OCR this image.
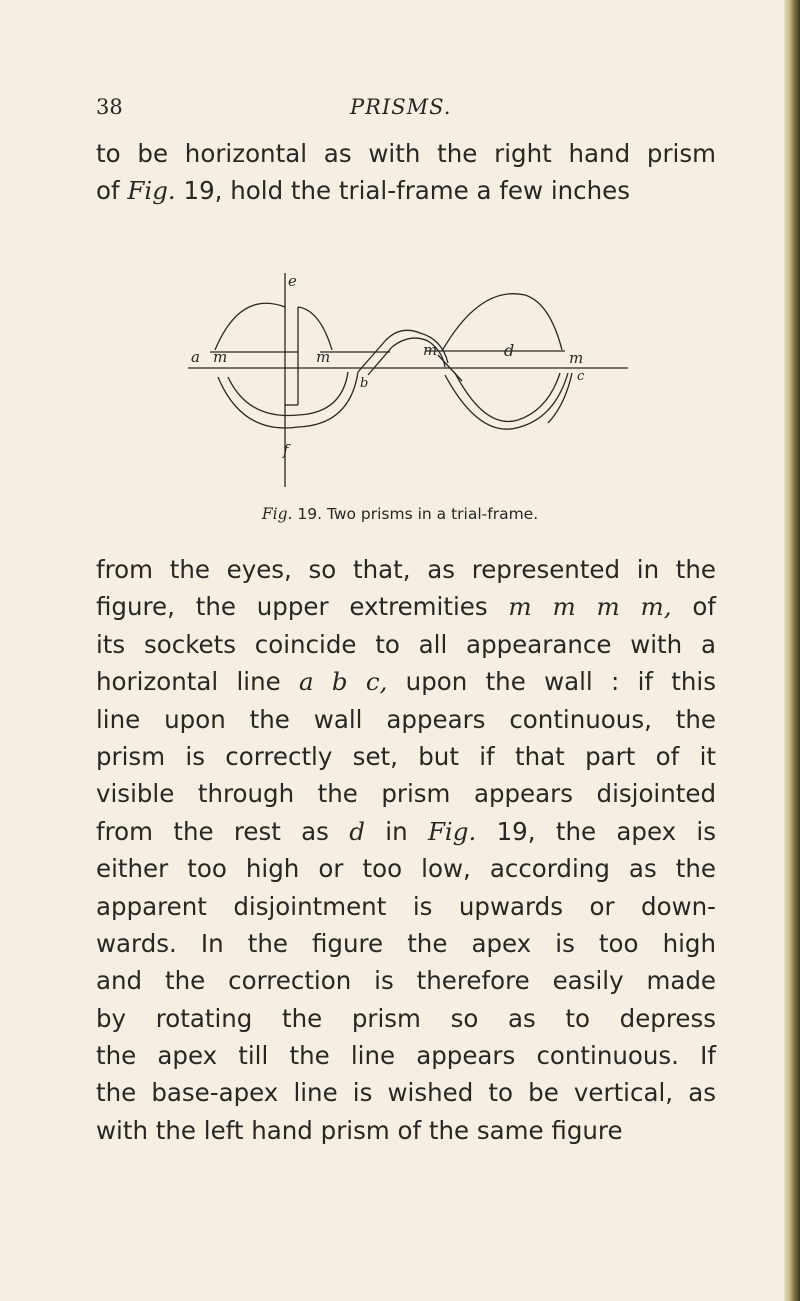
38	PRISMS.
to be horizontal as with the right hand prism
of Fig. 19, hold the trial-frame a few inches
a m
e
f
m
b
m	d	m
c
Fig. 19. Two prisms in a trial-frame.
from the eyes, so that, as represented in the
figure, the upper extremities m m m m, of
its sockets coincide to all appearance with a
horizontal line a b c, upon the wall : if this
line upon the wall appears continuous, the
prism is correctly set, but if that part of it
visible through the prism appears disjointed
from the rest as d in Fig. 19, the apex is
either too high or too low, according as the
apparent disjointment is upwards or down-
wards. In the figure the apex is too high
and the correction is therefore easily made
by rotating the prism so as to depress
the apex till the line appears continuous. If
the base-apex line is wished to be vertical, as
with the left hand prism of the same figure
